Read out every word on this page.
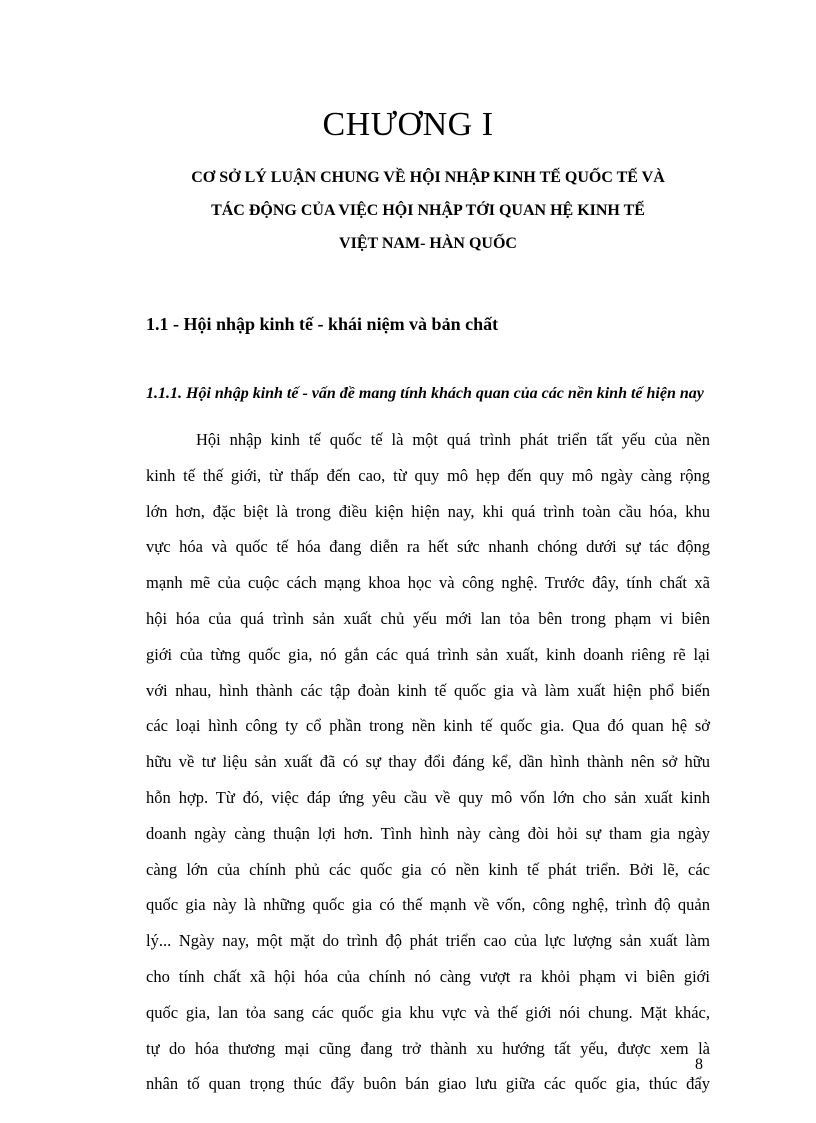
CHƯƠNG I
CƠ SỞ LÝ LUẬN CHUNG VỀ HỘI NHẬP KINH TẾ QUỐC TẾ VÀ
TÁC ĐỘNG CỦA VIỆC HỘI NHẬP TỚI QUAN HỆ KINH TẾ
VIỆT NAM- HÀN QUỐC
1.1 - Hội nhập kinh tế - khái niệm và bản chất
1.1.1. Hội nhập kinh tế - vấn đề mang tính khách quan của các nền kinh tế hiện nay
Hội nhập kinh tế quốc tế là một quá trình phát triển tất yếu của nền
kinh tế thế giới, từ thấp đến cao, từ quy mô hẹp đến quy mô ngày càng rộng
lớn hơn, đặc biệt là trong điều kiện hiện nay, khi quá trình toàn cầu hóa, khu
vực hóa và quốc tế hóa đang diễn ra hết sức nhanh chóng dưới sự tác động
mạnh mẽ của cuộc cách mạng khoa học và công nghệ. Trước đây, tính chất xã
hội hóa của quá trình sản xuất chủ yếu mới lan tỏa bên trong phạm vi biên
giới của từng quốc gia, nó gắn các quá trình sản xuất, kinh doanh riêng rẽ lại
với nhau, hình thành các tập đoàn kinh tế quốc gia và làm xuất hiện phổ biến
các loại hình công ty cổ phần trong nền kinh tế quốc gia. Qua đó quan hệ sở
hữu về tư liệu sản xuất đã có sự thay đổi đáng kể, dần hình thành nên sở hữu
hỗn hợp. Từ đó, việc đáp ứng yêu cầu về quy mô vốn lớn cho sản xuất kinh
doanh ngày càng thuận lợi hơn. Tình hình này càng đòi hỏi sự tham gia ngày
càng lớn của chính phủ các quốc gia có nền kinh tế phát triển. Bởi lẽ, các
quốc gia này là những quốc gia có thế mạnh về vốn, công nghệ, trình độ quản
lý... Ngày nay, một mặt do trình độ phát triển cao của lực lượng sản xuất làm
cho tính chất xã hội hóa của chính nó càng vượt ra khỏi phạm vi biên giới
quốc gia, lan tỏa sang các quốc gia khu vực và thế giới nói chung. Mặt khác,
tự do hóa thương mại cũng đang trở thành xu hướng tất yếu, được xem là
nhân tố quan trọng thúc đẩy buôn bán giao lưu giữa các quốc gia, thúc đẩy
8
